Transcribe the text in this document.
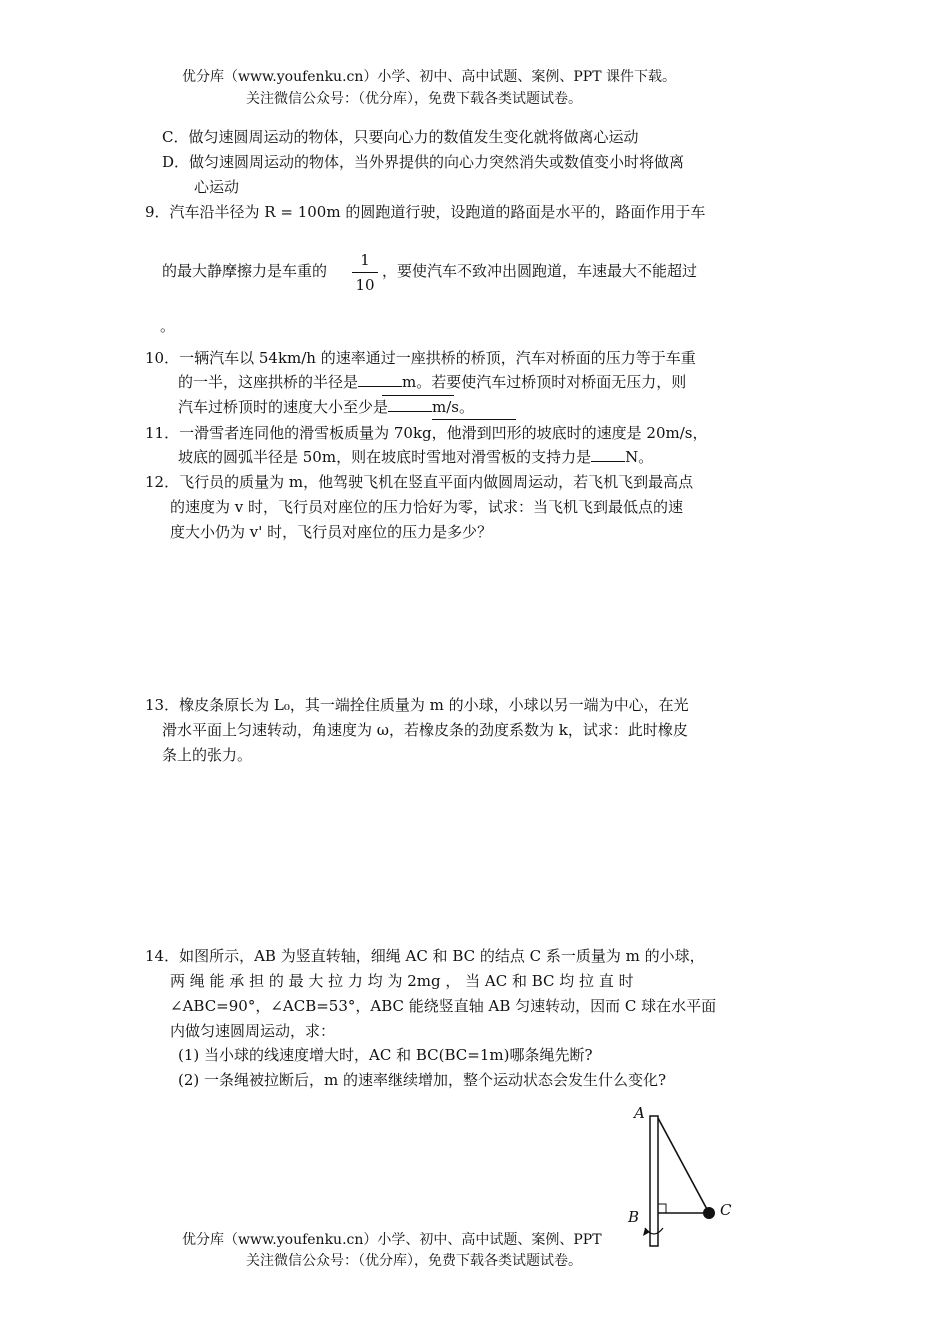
优分库（www.youfenku.cn）小学、初中、高中试题、案例、PPT 课件下载。
关注微信公众号：（优分库），免费下载各类试题试卷。
C．做匀速圆周运动的物体，只要向心力的数值发生变化就将做离心运动
D．做匀速圆周运动的物体，当外界提供的向心力突然消失或数值变小时将做离
心运动
9．汽车沿半径为 R = 100m 的圆跑道行驶，设跑道的路面是水平的，路面作用于车
的最大静摩擦力是车重的
1
10
，要使汽车不致冲出圆跑道，车速最大不能超过
。
10．一辆汽车以 54km/h 的速率通过一座拱桥的桥顶，汽车对桥面的压力等于车重
的一半，这座拱桥的半径是	m。若要使汽车过桥顶时对桥面无压力，则
汽车过桥顶时的速度大小至少是	m/s。
11．一滑雪者连同他的滑雪板质量为 70kg，他滑到凹形的坡底时的速度是 20m/s，
坡底的圆弧半径是 50m，则在坡底时雪地对滑雪板的支持力是 N。
12．飞行员的质量为 m，他驾驶飞机在竖直平面内做圆周运动，若飞机飞到最高点
的速度为 v 时，飞行员对座位的压力恰好为零，试求：当飞机飞到最低点的速
度大小仍为 v' 时，飞行员对座位的压力是多少？
13．橡皮条原长为 L₀，其一端拴住质量为 m 的小球，小球以另一端为中心，在光
滑水平面上匀速转动，角速度为 ω，若橡皮条的劲度系数为 k，试求：此时橡皮
条上的张力。
14．如图所示，AB 为竖直转轴，细绳 AC 和 BC 的结点 C 系一质量为 m 的小球，
两 绳 能 承 担 的 最 大 拉 力 均 为 2mg ， 当 AC 和 BC 均 拉 直 时
∠ABC=90°，∠ACB=53°，ABC 能绕竖直轴 AB 匀速转动，因而 C 球在水平面
内做匀速圆周运动，求：
(1) 当小球的线速度增大时，AC 和 BC(BC=1m)哪条绳先断?
(2) 一条绳被拉断后，m 的速率继续增加，整个运动状态会发生什么变化?
A
B	C
优分库（www.youfenku.cn）小学、初中、高中试题、案例、PPT
关注微信公众号：（优分库），免费下载各类试题试卷。
